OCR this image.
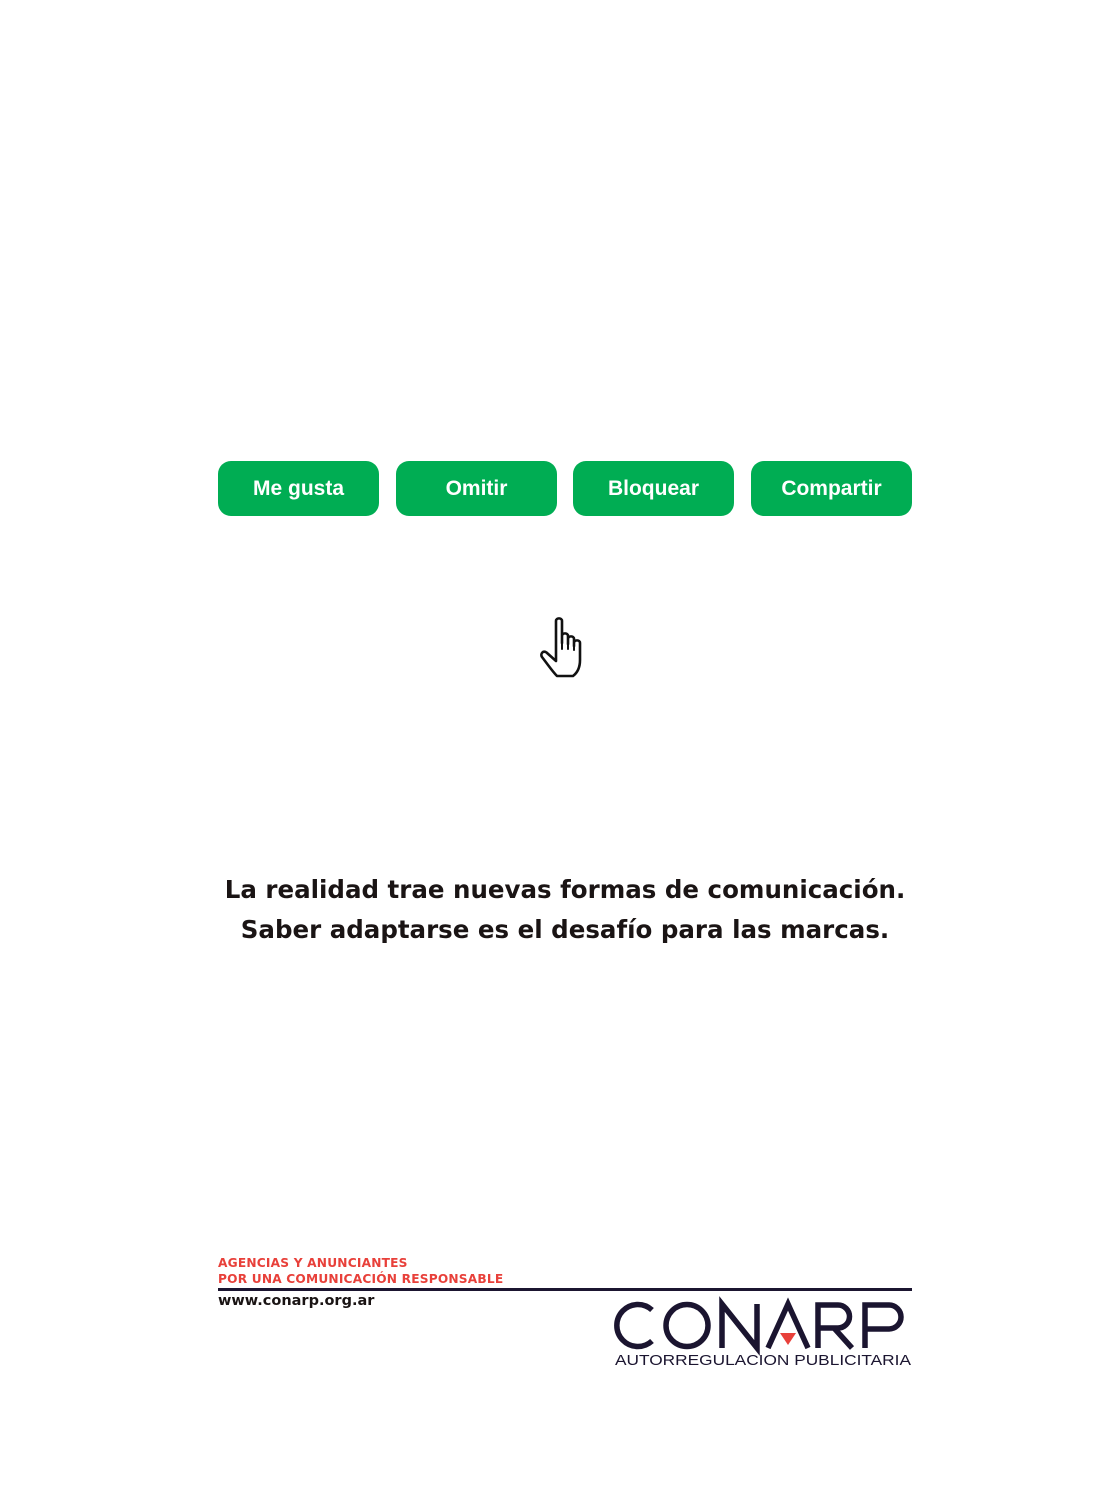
Me gusta	Omitir	Bloquear	Compartir
La realidad trae nuevas formas de comunicación.
Saber adaptarse es el desafío para las marcas.
AGENCIAS Y ANUNCIANTES
POR UNA COMUNICACIÓN RESPONSABLE
www.conarp.org.ar
AUTORREGULACION PUBLICITARIA
